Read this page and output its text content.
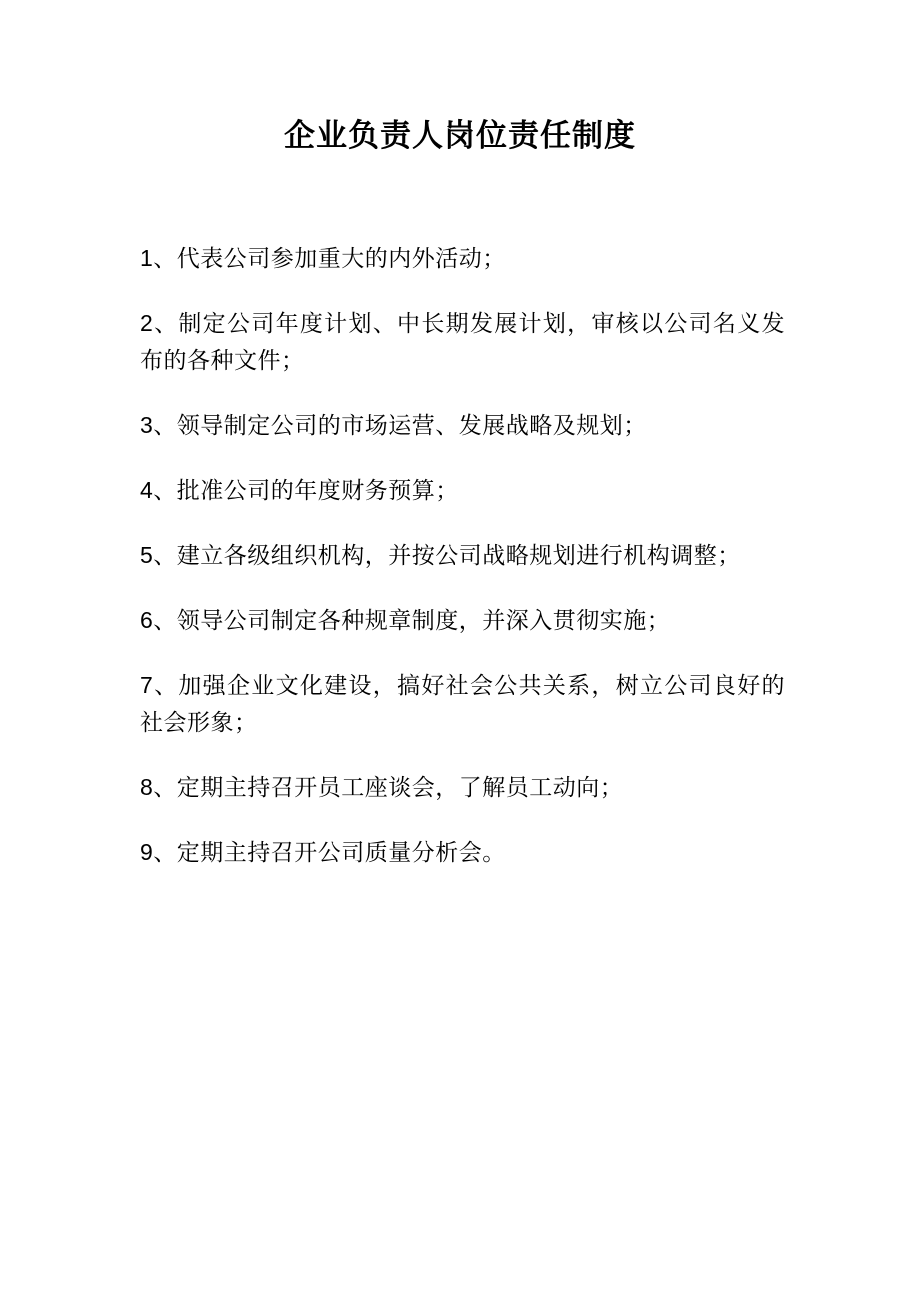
企业负责人岗位责任制度
1、代表公司参加重大的内外活动；
2、制定公司年度计划、中长期发展计划，审核以公司名义发布的各种文件；
3、领导制定公司的市场运营、发展战略及规划；
4、批准公司的年度财务预算；
5、建立各级组织机构，并按公司战略规划进行机构调整；
6、领导公司制定各种规章制度，并深入贯彻实施；
7、加强企业文化建设，搞好社会公共关系，树立公司良好的社会形象；
8、定期主持召开员工座谈会，了解员工动向；
9、定期主持召开公司质量分析会。
